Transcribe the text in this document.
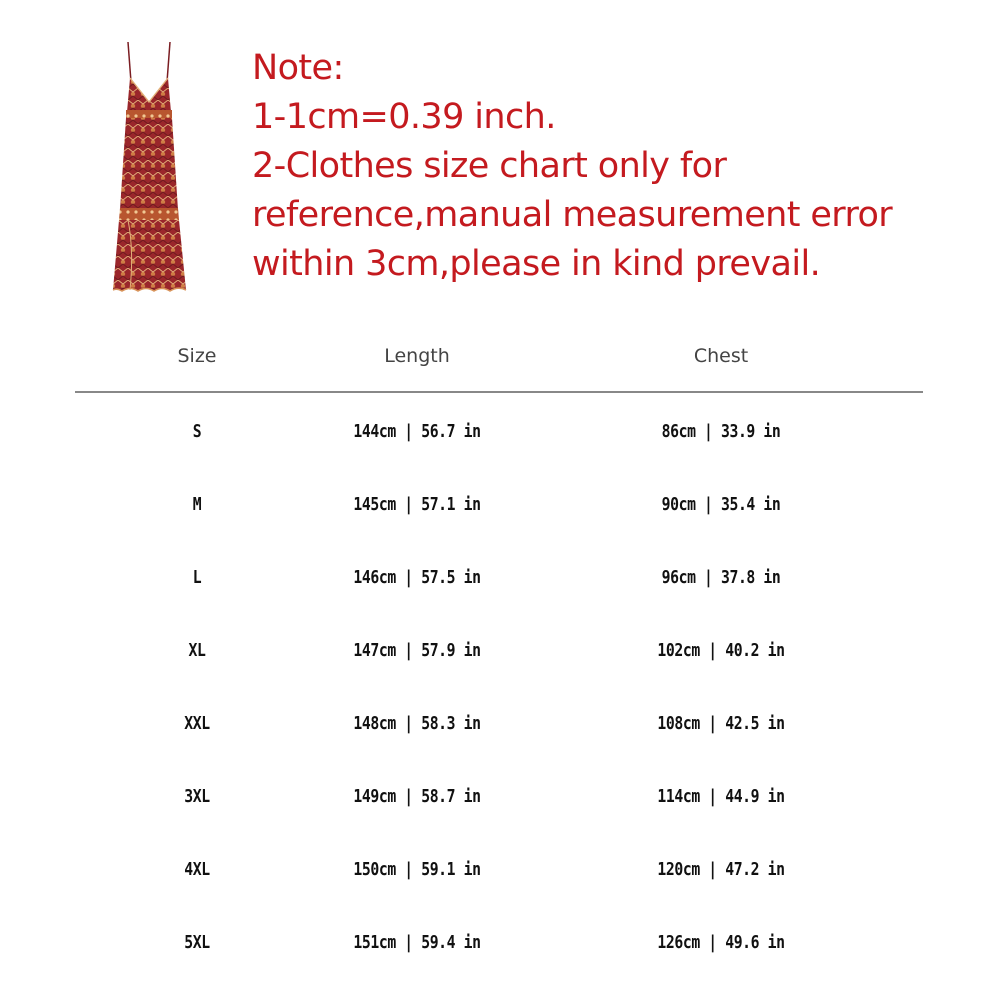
Note:
1-1cm=0.39 inch.
2-Clothes size chart only for
reference,manual measurement error
within 3cm,please in kind prevail.
Size	Length	Chest
S	144cm | 56.7 in	86cm | 33.9 in
M	145cm | 57.1 in	90cm | 35.4 in
L	146cm | 57.5 in	96cm | 37.8 in
XL	147cm | 57.9 in	102cm | 40.2 in
XXL	148cm | 58.3 in	108cm | 42.5 in
3XL	149cm | 58.7 in	114cm | 44.9 in
4XL	150cm | 59.1 in	120cm | 47.2 in
5XL	151cm | 59.4 in	126cm | 49.6 in
